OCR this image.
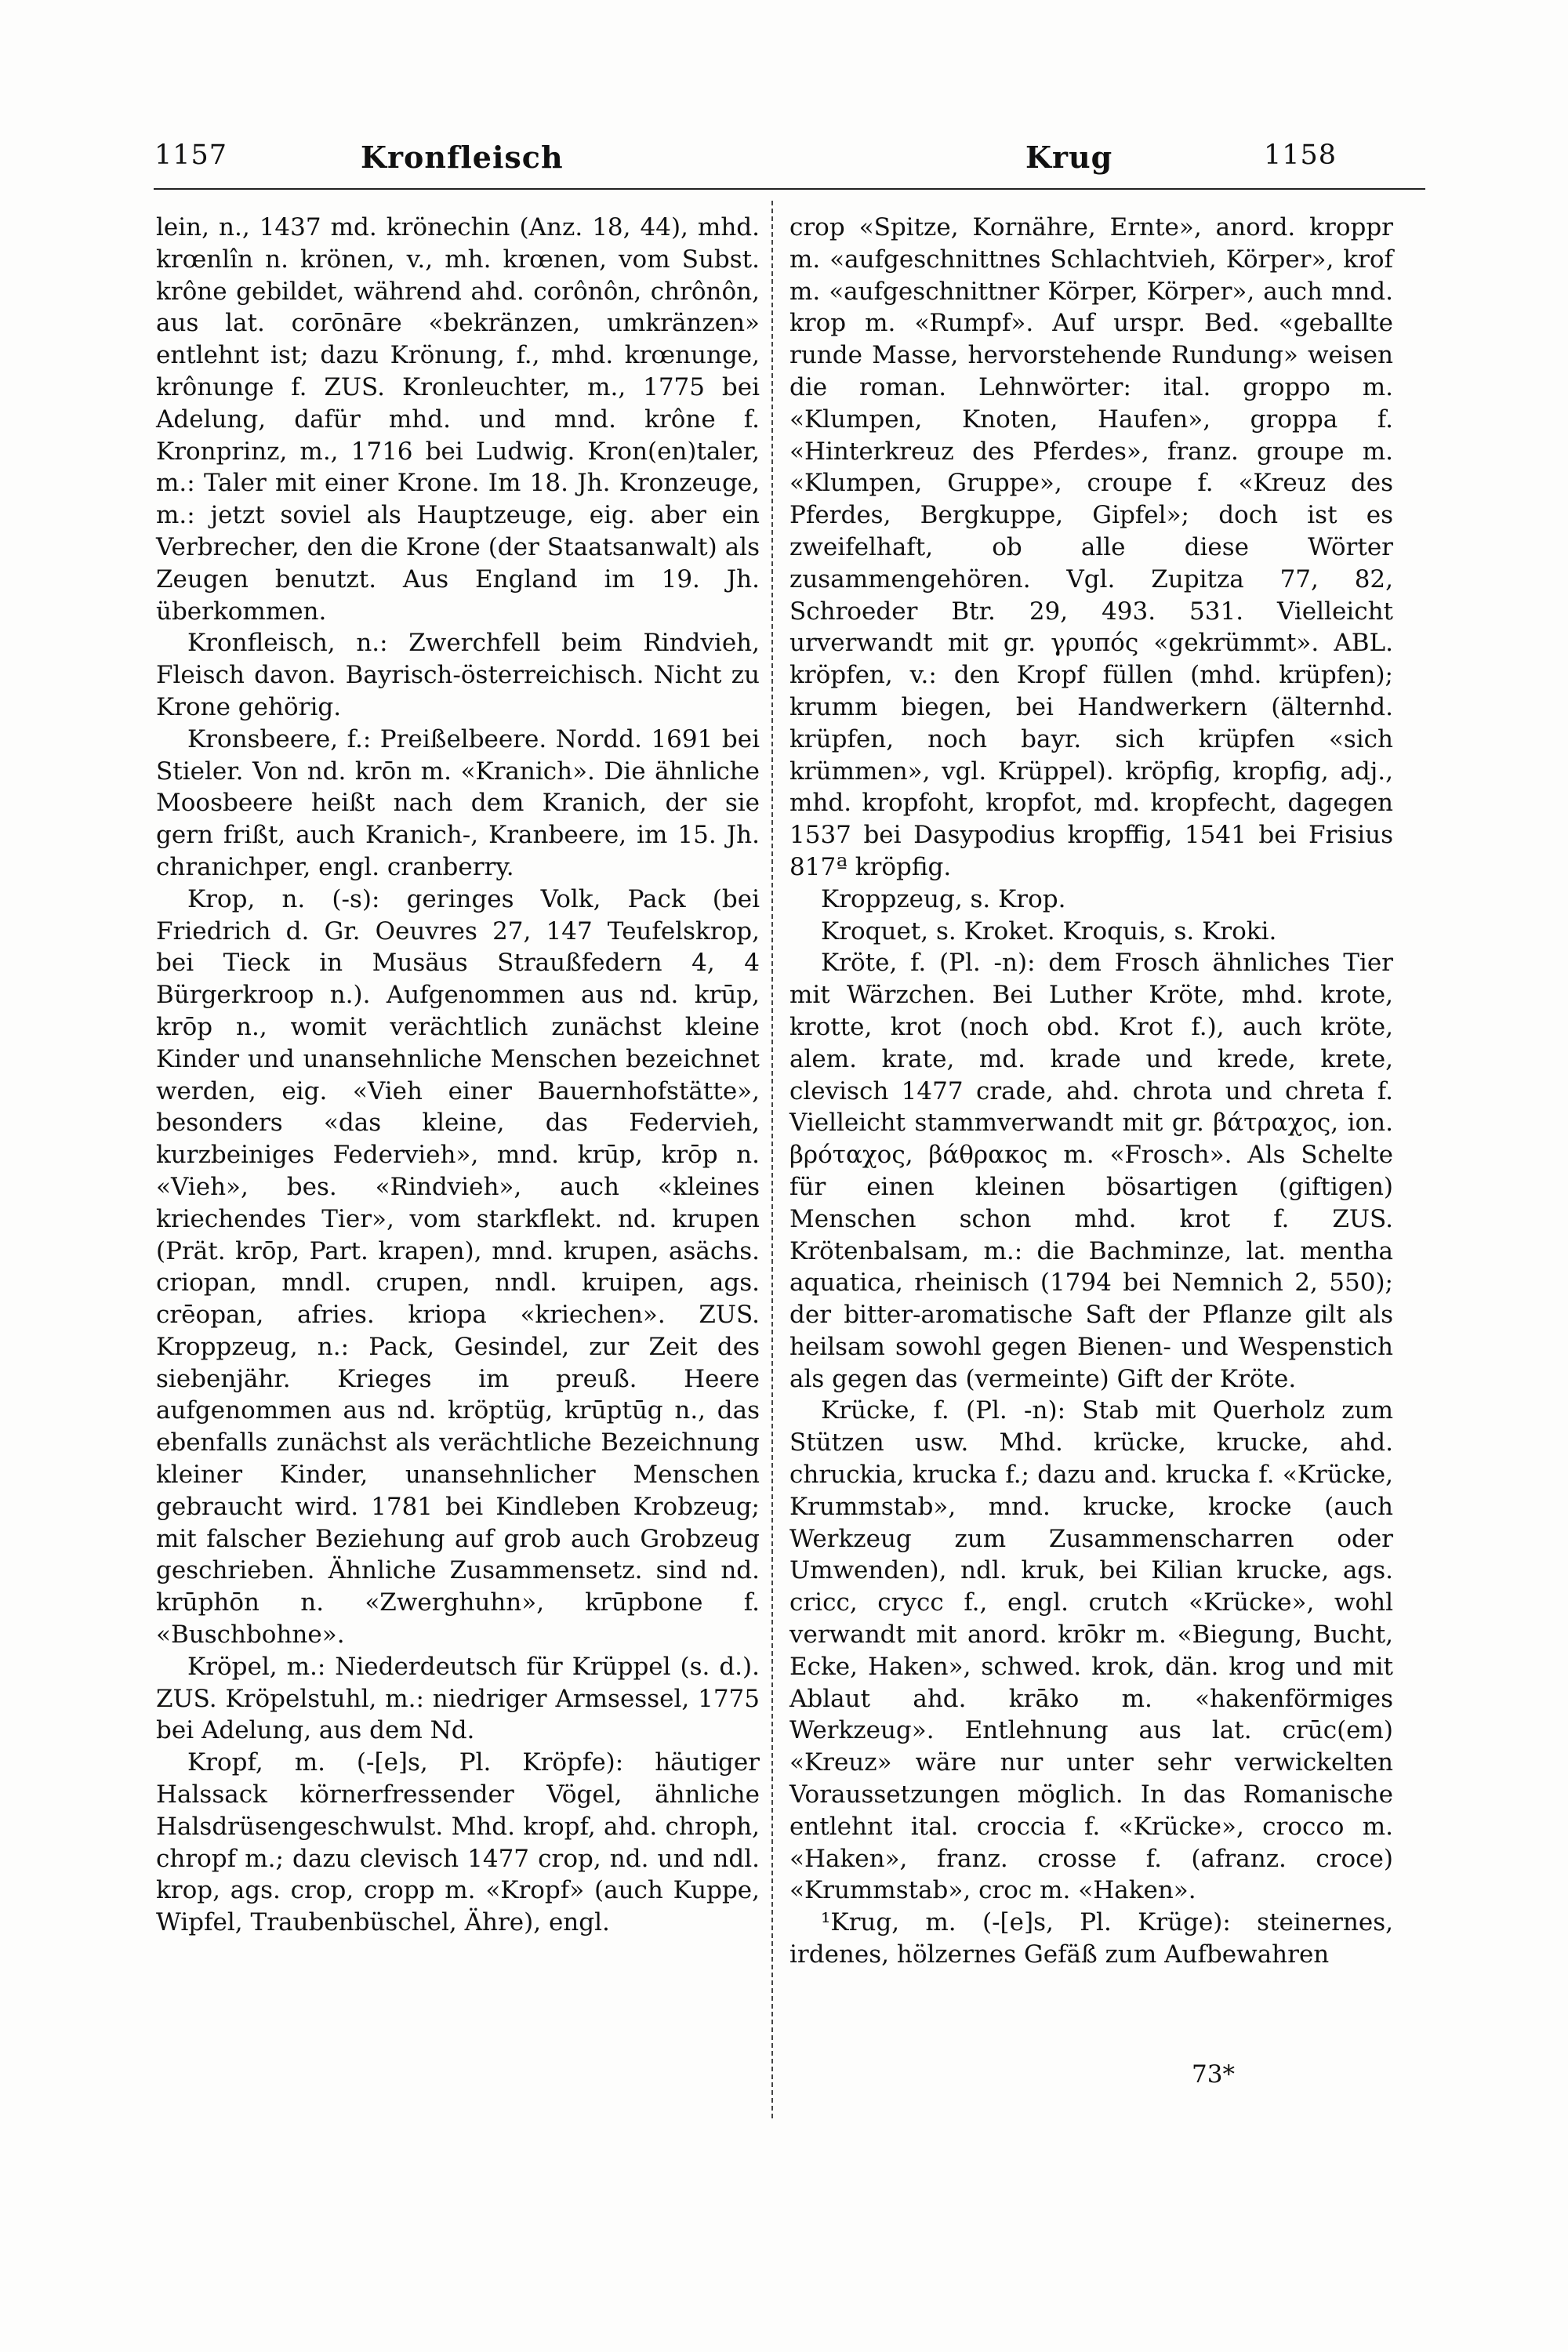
1157	Kronfleisch	Krug	1158

lein, n., 1437 md. krönechin (Anz. 18, 44), mhd. krœnlîn n. krönen, v., mh. krœnen, vom Subst. krône gebildet, während ahd. corônôn, chrônôn, aus lat. corōnāre «bekränzen, umkränzen» entlehnt ist; dazu Krönung, f., mhd. krœnunge, krônunge f. ZUS. Kronleuchter, m., 1775 bei Adelung, dafür mhd. und mnd. krône f. Kronprinz, m., 1716 bei Ludwig. Kron(en)taler, m.: Taler mit einer Krone. Im 18. Jh. Kronzeuge, m.: jetzt soviel als Hauptzeuge, eig. aber ein Verbrecher, den die Krone (der Staatsanwalt) als Zeugen benutzt. Aus England im 19. Jh. überkommen.

Kronfleisch, n.: Zwerchfell beim Rindvieh, Fleisch davon. Bayrisch-österreichisch. Nicht zu Krone gehörig.

Kronsbeere, f.: Preißelbeere. Nordd. 1691 bei Stieler. Von nd. krōn m. «Kranich». Die ähnliche Moosbeere heißt nach dem Kranich, der sie gern frißt, auch Kranich-, Kranbeere, im 15. Jh. chranichper, engl. cranberry.

Krop, n. (-s): geringes Volk, Pack (bei Friedrich d. Gr. Oeuvres 27, 147 Teufelskrop, bei Tieck in Musäus Straußfedern 4, 4 Bürgerkroop n.). Aufgenommen aus nd. krūp, krōp n., womit verächtlich zunächst kleine Kinder und unansehnliche Menschen bezeichnet werden, eig. «Vieh einer Bauernhofstätte», besonders «das kleine, das Federvieh, kurzbeiniges Federvieh», mnd. krūp, krōp n. «Vieh», bes. «Rindvieh», auch «kleines kriechendes Tier», vom starkflekt. nd. krupen (Prät. krōp, Part. krapen), mnd. krupen, asächs. criopan, mndl. crupen, nndl. kruipen, ags. crēopan, afries. kriopa «kriechen». ZUS. Kroppzeug, n.: Pack, Gesindel, zur Zeit des siebenjähr. Krieges im preuß. Heere aufgenommen aus nd. kröptüg, krūptūg n., das ebenfalls zunächst als verächtliche Bezeichnung kleiner Kinder, unansehnlicher Menschen gebraucht wird. 1781 bei Kindleben Krobzeug; mit falscher Beziehung auf grob auch Grobzeug geschrieben. Ähnliche Zusammensetz. sind nd. krūphōn n. «Zwerghuhn», krūpbone f. «Buschbohne».

Kröpel, m.: Niederdeutsch für Krüppel (s. d.). ZUS. Kröpelstuhl, m.: niedriger Armsessel, 1775 bei Adelung, aus dem Nd.

Kropf, m. (-[e]s, Pl. Kröpfe): häutiger Halssack körnerfressender Vögel, ähnliche Halsdrüsengeschwulst. Mhd. kropf, ahd. chroph, chropf m.; dazu clevisch 1477 crop, nd. und ndl. krop, ags. crop, cropp m. «Kropf» (auch Kuppe, Wipfel, Traubenbüschel, Ähre), engl.

crop «Spitze, Kornähre, Ernte», anord. kroppr m. «aufgeschnittnes Schlachtvieh, Körper», krof m. «aufgeschnittner Körper, Körper», auch mnd. krop m. «Rumpf». Auf urspr. Bed. «geballte runde Masse, hervorstehende Rundung» weisen die roman. Lehnwörter: ital. groppo m. «Klumpen, Knoten, Haufen», groppa f. «Hinterkreuz des Pferdes», franz. groupe m. «Klumpen, Gruppe», croupe f. «Kreuz des Pferdes, Bergkuppe, Gipfel»; doch ist es zweifelhaft, ob alle diese Wörter zusammengehören. Vgl. Zupitza 77, 82, Schroeder Btr. 29, 493. 531. Vielleicht urverwandt mit gr. γρυπός «gekrümmt». ABL. kröpfen, v.: den Kropf füllen (mhd. krüpfen); krumm biegen, bei Handwerkern (älternhd. krüpfen, noch bayr. sich krüpfen «sich krümmen», vgl. Krüppel). kröpfig, kropfig, adj., mhd. kropfoht, kropfot, md. kropfecht, dagegen 1537 bei Dasypodius kropffig, 1541 bei Frisius 817ª kröpfig.

Kroppzeug, s. Krop.

Kroquet, s. Kroket. Kroquis, s. Kroki.

Kröte, f. (Pl. -n): dem Frosch ähnliches Tier mit Wärzchen. Bei Luther Kröte, mhd. krote, krotte, krot (noch obd. Krot f.), auch kröte, alem. krate, md. krade und krede, krete, clevisch 1477 crade, ahd. chrota und chreta f. Vielleicht stammverwandt mit gr. βάτραχος, ion. βρόταχος, βάθρακος m. «Frosch». Als Schelte für einen kleinen bösartigen (giftigen) Menschen schon mhd. krot f. ZUS. Krötenbalsam, m.: die Bachminze, lat. mentha aquatica, rheinisch (1794 bei Nemnich 2, 550); der bitter-aromatische Saft der Pflanze gilt als heilsam sowohl gegen Bienen- und Wespenstich als gegen das (vermeinte) Gift der Kröte.

Krücke, f. (Pl. -n): Stab mit Querholz zum Stützen usw. Mhd. krücke, krucke, ahd. chruckia, krucka f.; dazu and. krucka f. «Krücke, Krummstab», mnd. krucke, krocke (auch Werkzeug zum Zusammenscharren oder Umwenden), ndl. kruk, bei Kilian krucke, ags. cricc, crycc f., engl. crutch «Krücke», wohl verwandt mit anord. krōkr m. «Biegung, Bucht, Ecke, Haken», schwed. krok, dän. krog und mit Ablaut ahd. krāko m. «hakenförmiges Werkzeug». Entlehnung aus lat. crūc(em) «Kreuz» wäre nur unter sehr verwickelten Voraussetzungen möglich. In das Romanische entlehnt ital. croccia f. «Krücke», crocco m. «Haken», franz. crosse f. (afranz. croce) «Krummstab», croc m. «Haken».

¹Krug, m. (-[e]s, Pl. Krüge): steinernes, irdenes, hölzernes Gefäß zum Aufbewahren

73*
